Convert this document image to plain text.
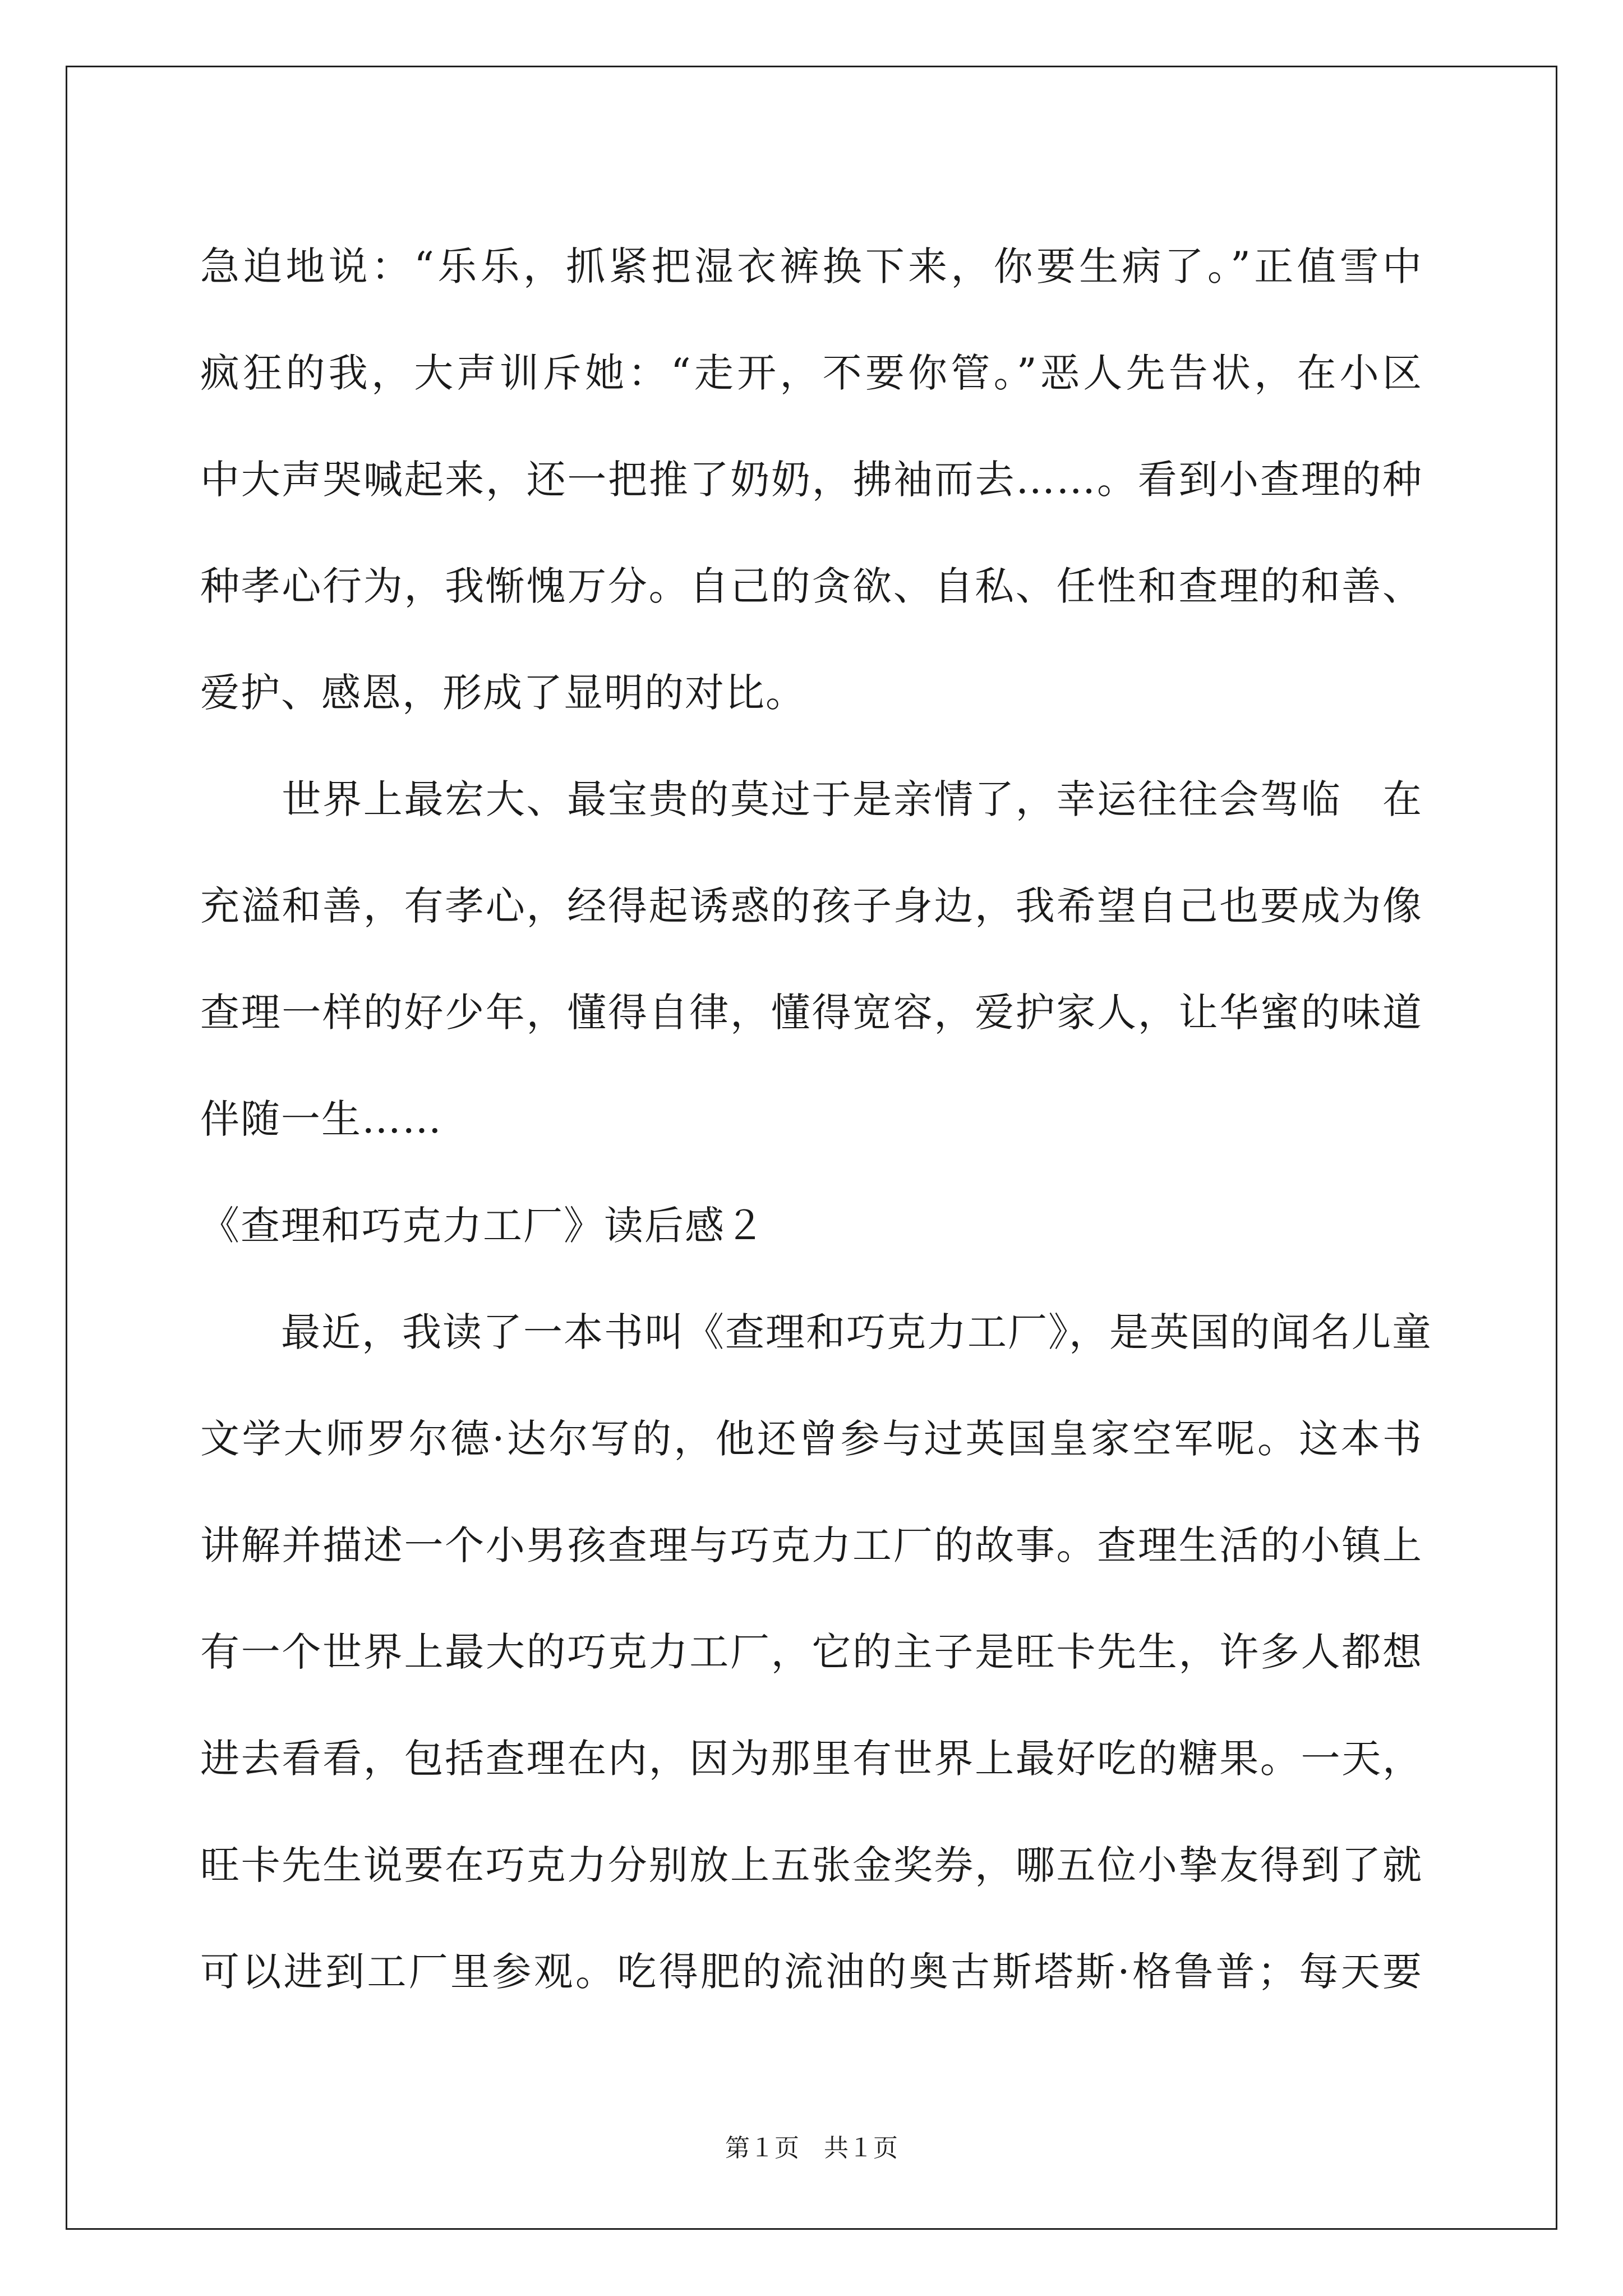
急迫地说：“乐乐，抓紧把湿衣裤换下来，你要生病了。”正值雪中
疯狂的我，大声训斥她：“走开，不要你管。”恶人先告状，在小区
中大声哭喊起来，还一把推了奶奶，拂袖而去……。看到小查理的种
种孝心行为，我惭愧万分。自己的贪欲、自私、任性和查理的和善、
爱护、感恩，形成了显明的对比。
　　世界上最宏大、最宝贵的莫过于是亲情了，幸运往往会驾临　在
充溢和善，有孝心，经得起诱惑的孩子身边，我希望自己也要成为像
查理一样的好少年，懂得自律，懂得宽容，爱护家人，让华蜜的味道
伴随一生……
《查理和巧克力工厂》读后感２
　　最近，我读了一本书叫《查理和巧克力工厂》，是英国的闻名儿童
文学大师罗尔德·达尔写的，他还曾参与过英国皇家空军呢。这本书
讲解并描述一个小男孩查理与巧克力工厂的故事。查理生活的小镇上
有一个世界上最大的巧克力工厂，它的主子是旺卡先生，许多人都想
进去看看，包括查理在内，因为那里有世界上最好吃的糖果。一天，
旺卡先生说要在巧克力分别放上五张金奖券，哪五位小挚友得到了就
可以进到工厂里参观。吃得肥的流油的奥古斯塔斯·格鲁普；每天要
第１页　共１页
